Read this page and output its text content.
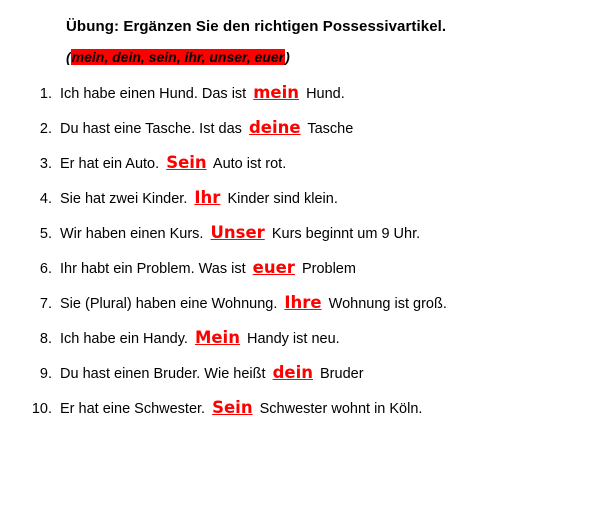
Übung: Ergänzen Sie den richtigen Possessivartikel.
(mein, dein, sein, ihr, unser, euer)
1. Ich habe einen Hund. Das ist mein Hund.
2. Du hast eine Tasche. Ist das deine Tasche
3. Er hat ein Auto. Sein Auto ist rot.
4. Sie hat zwei Kinder. Ihr Kinder sind klein.
5. Wir haben einen Kurs. Unser Kurs beginnt um 9 Uhr.
6. Ihr habt ein Problem. Was ist euer Problem
7. Sie (Plural) haben eine Wohnung. Ihre Wohnung ist groß.
8. Ich habe ein Handy. Mein Handy ist neu.
9. Du hast einen Bruder. Wie heißt dein Bruder
10. Er hat eine Schwester. Sein Schwester wohnt in Köln.
